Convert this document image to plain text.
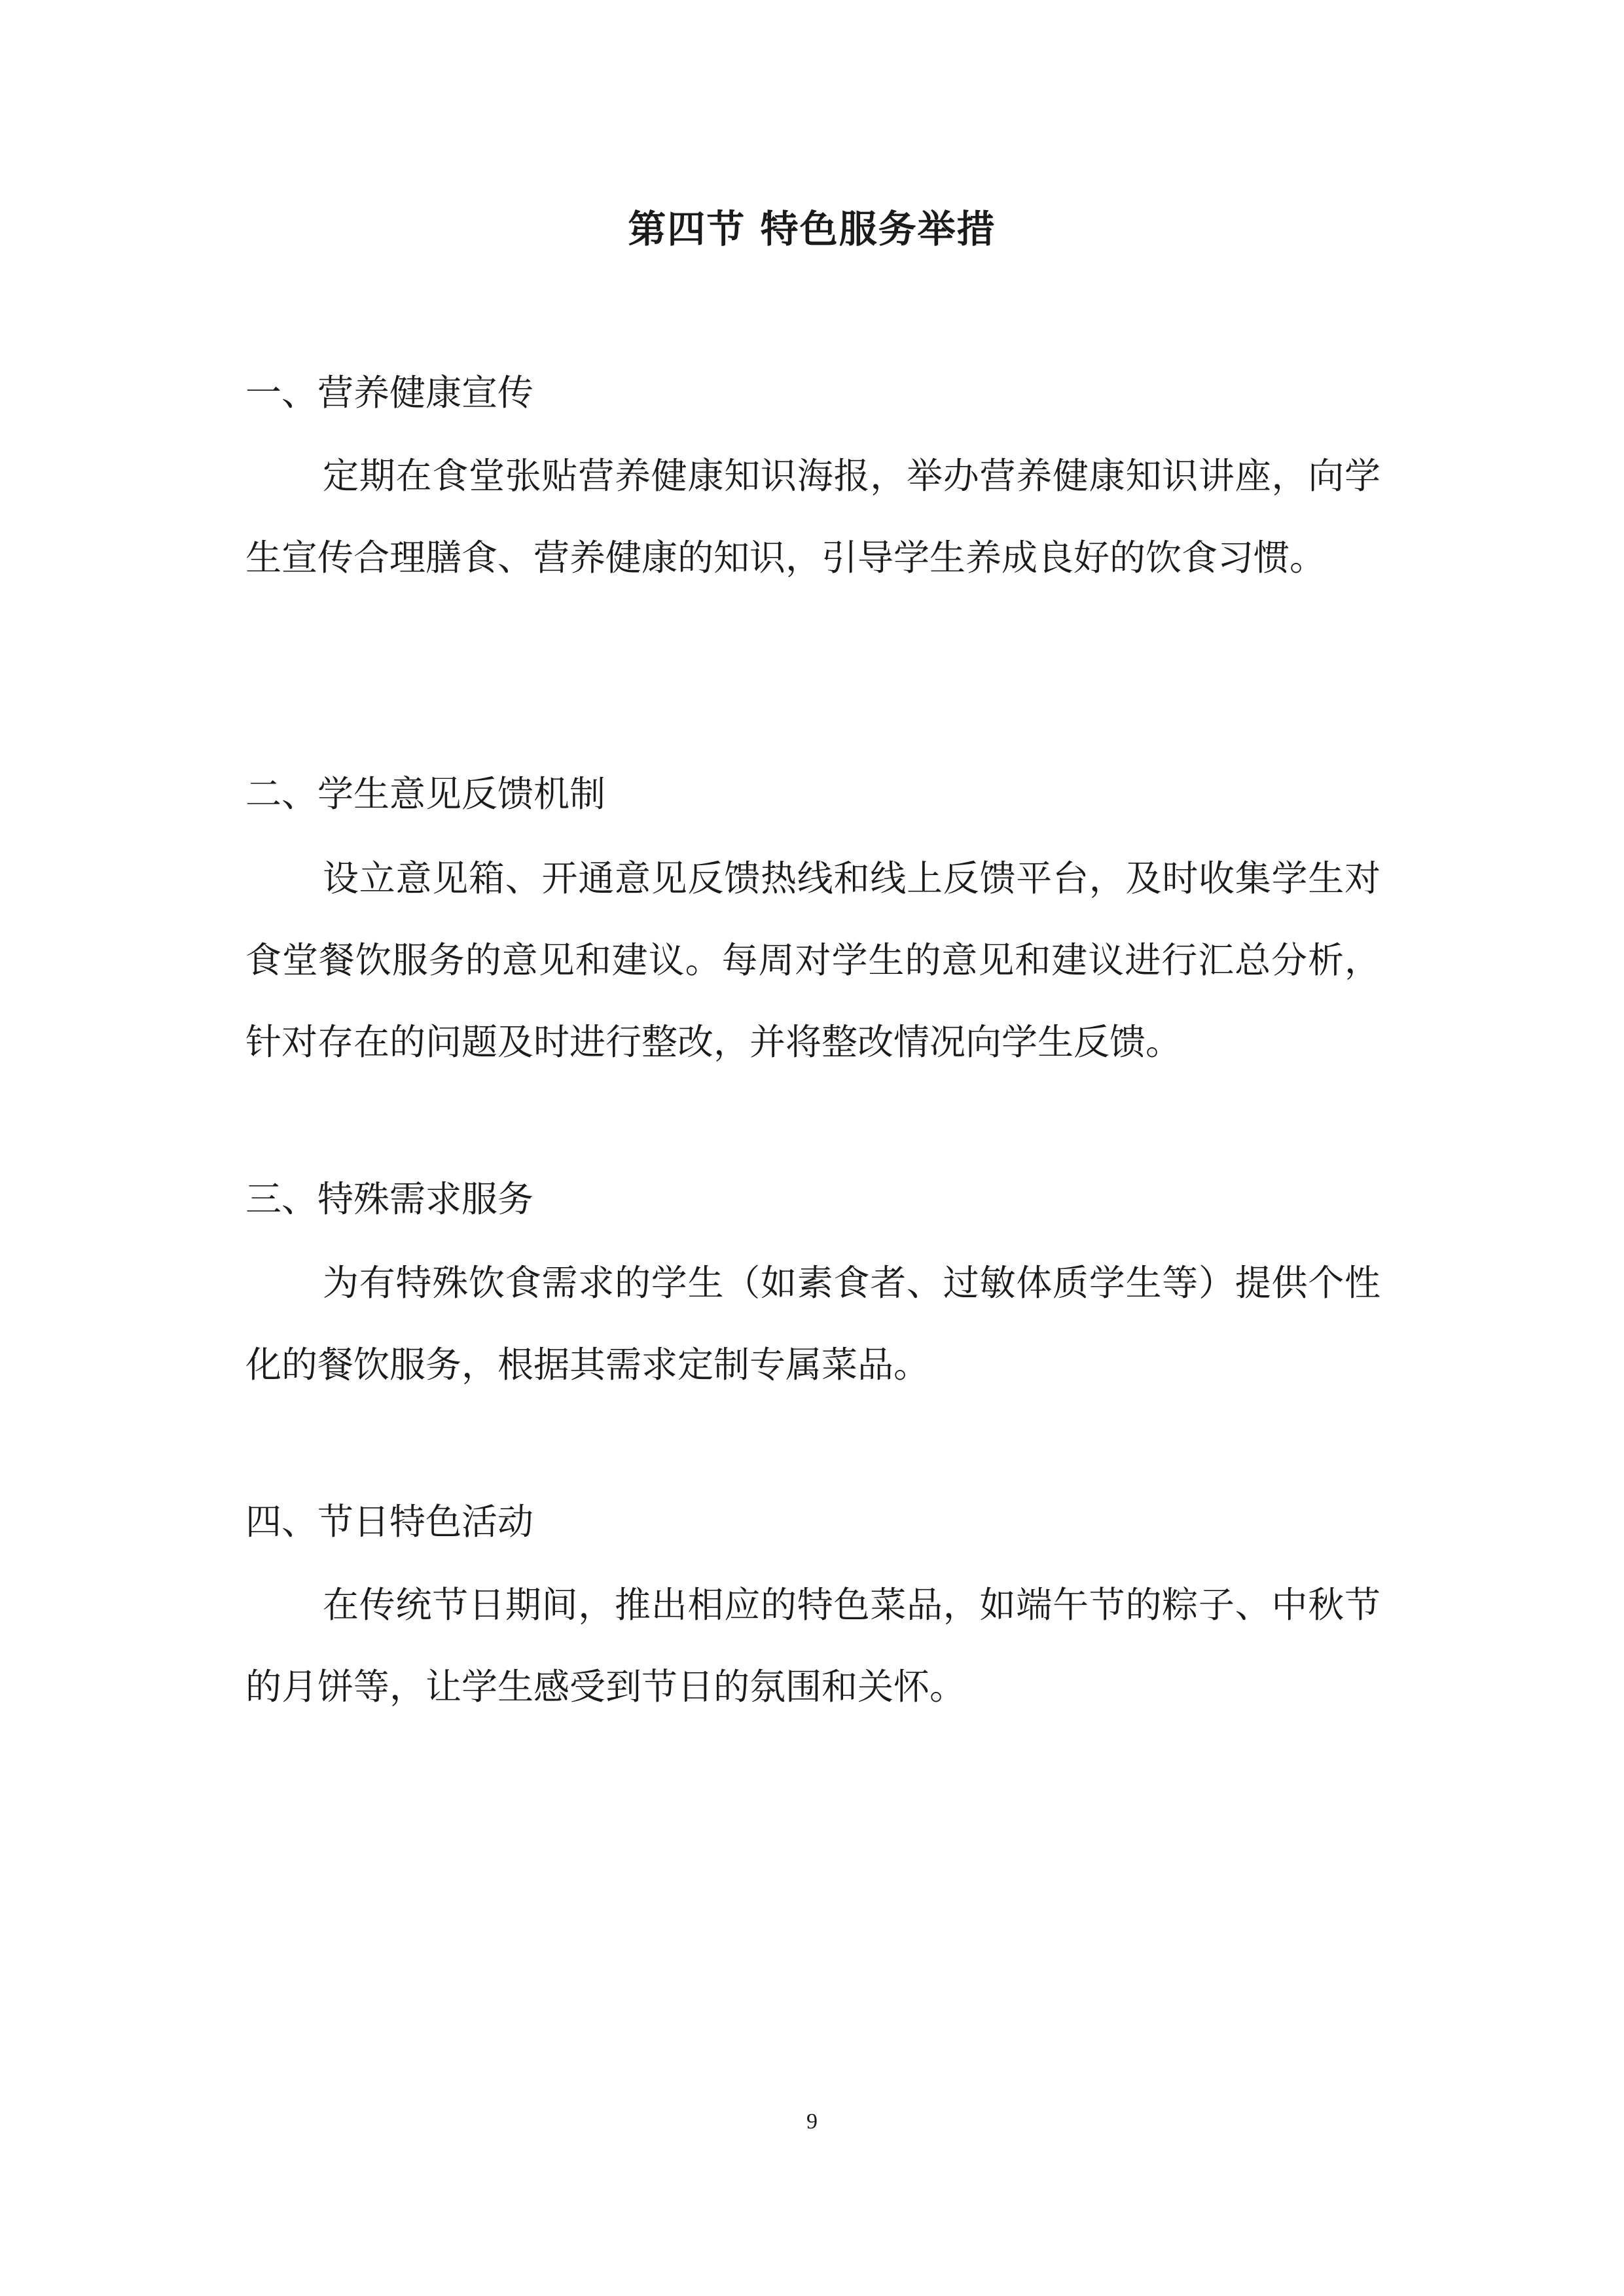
第四节 特色服务举措
一、营养健康宣传
定期在食堂张贴营养健康知识海报，举办营养健康知识讲座，向学生宣传合理膳食、营养健康的知识，引导学生养成良好的饮食习惯。
二、学生意见反馈机制
设立意见箱、开通意见反馈热线和线上反馈平台，及时收集学生对食堂餐饮服务的意见和建议。每周对学生的意见和建议进行汇总分析，针对存在的问题及时进行整改，并将整改情况向学生反馈。
三、特殊需求服务
为有特殊饮食需求的学生（如素食者、过敏体质学生等）提供个性化的餐饮服务，根据其需求定制专属菜品。
四、节日特色活动
在传统节日期间，推出相应的特色菜品，如端午节的粽子、中秋节的月饼等，让学生感受到节日的氛围和关怀。
9
